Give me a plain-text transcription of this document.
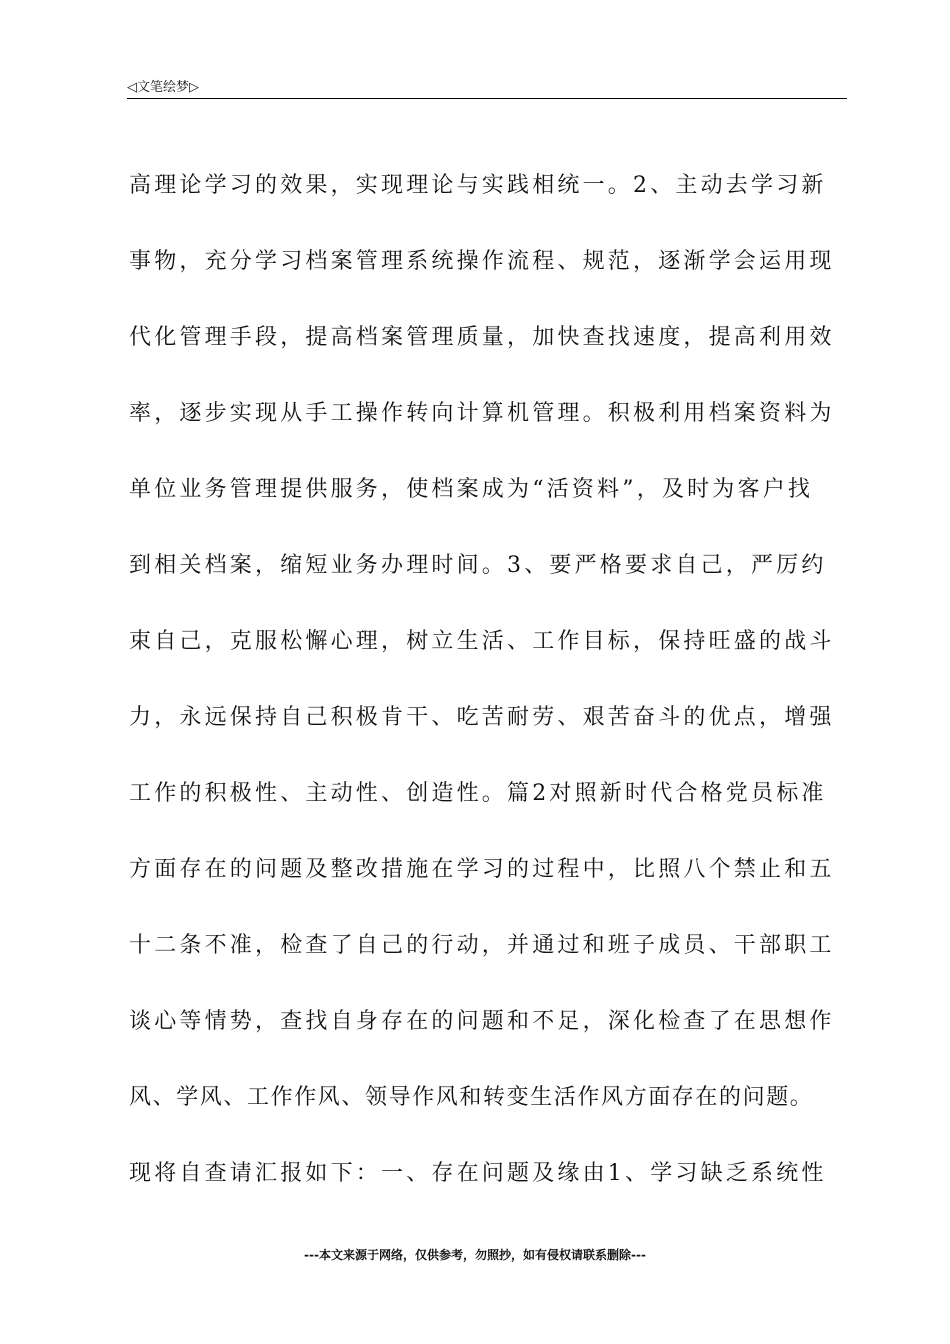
◁文笔绘梦▷
高理论学习的效果，实现理论与实践相统一。2、主动去学习新
事物，充分学习档案管理系统操作流程、规范，逐渐学会运用现
代化管理手段，提高档案管理质量，加快查找速度，提高利用效
率，逐步实现从手工操作转向计算机管理。积极利用档案资料为
单位业务管理提供服务，使档案成为“活资料”，及时为客户找
到相关档案，缩短业务办理时间。3、要严格要求自己，严厉约
束自己，克服松懈心理，树立生活、工作目标，保持旺盛的战斗
力，永远保持自己积极肯干、吃苦耐劳、艰苦奋斗的优点，增强
工作的积极性、主动性、创造性。篇2对照新时代合格党员标准
方面存在的问题及整改措施在学习的过程中，比照八个禁止和五
十二条不准，检查了自己的行动，并通过和班子成员、干部职工
谈心等情势，查找自身存在的问题和不足，深化检查了在思想作
风、学风、工作作风、领导作风和转变生活作风方面存在的问题。
现将自查请汇报如下：一、存在问题及缘由1、学习缺乏系统性
---本文来源于网络，仅供参考，勿照抄，如有侵权请联系删除---
